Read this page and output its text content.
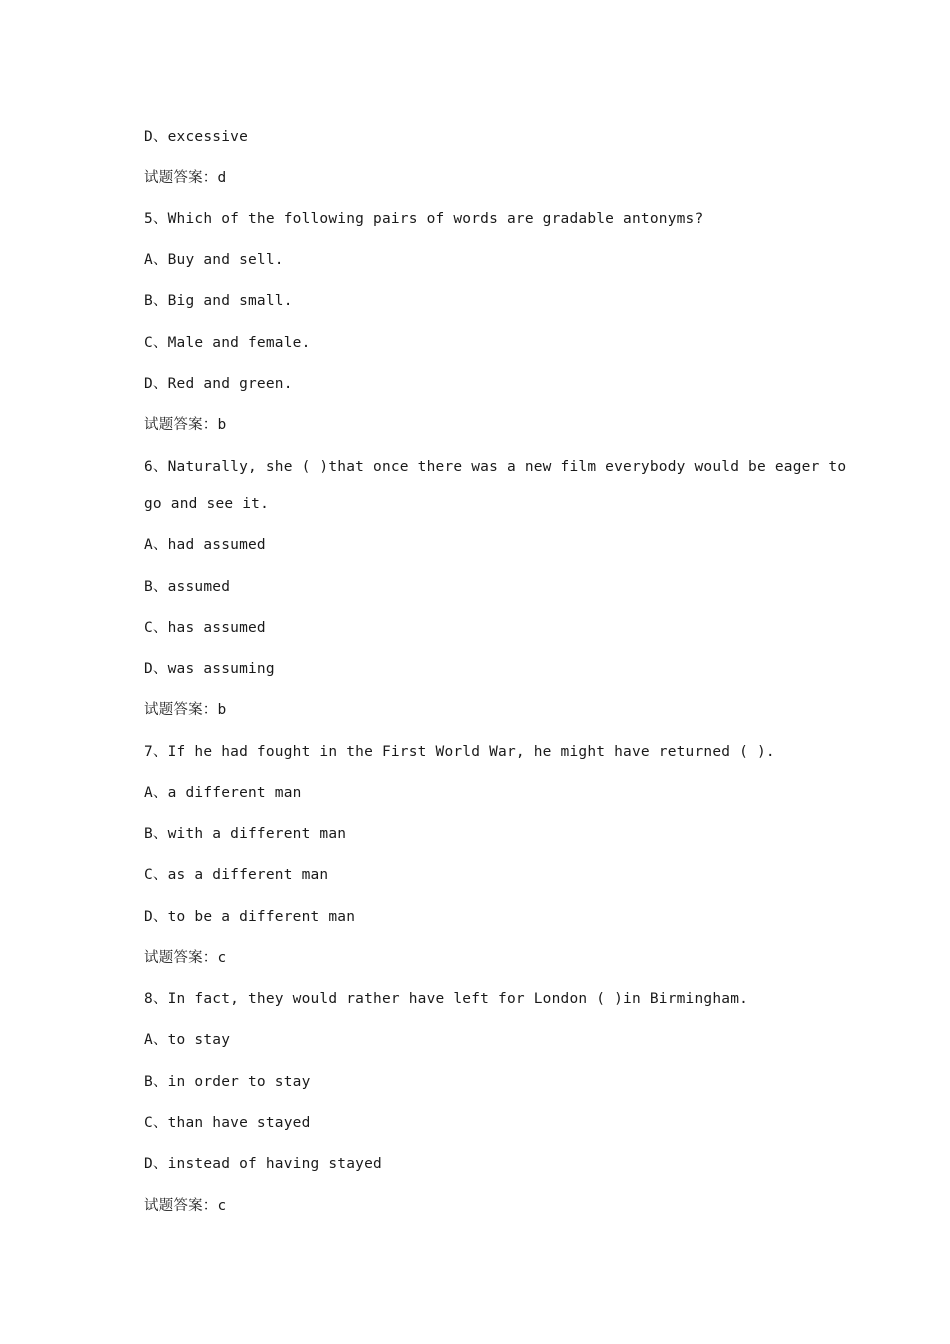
D、excessive
试题答案：d
5、Which of the following pairs of words are gradable antonyms?
A、Buy and sell.
B、Big and small.
C、Male and female.
D、Red and green.
试题答案：b
6、Naturally, she ( )that once there was a new film everybody would be eager to
go and see it.
A、had assumed
B、assumed
C、has assumed
D、was assuming
试题答案：b
7、If he had fought in the First World War, he might have returned ( ).
A、a different man
B、with a different man
C、as a different man
D、to be a different man
试题答案：c
8、In fact, they would rather have left for London ( )in Birmingham.
A、to stay
B、in order to stay
C、than have stayed
D、instead of having stayed
试题答案：c
